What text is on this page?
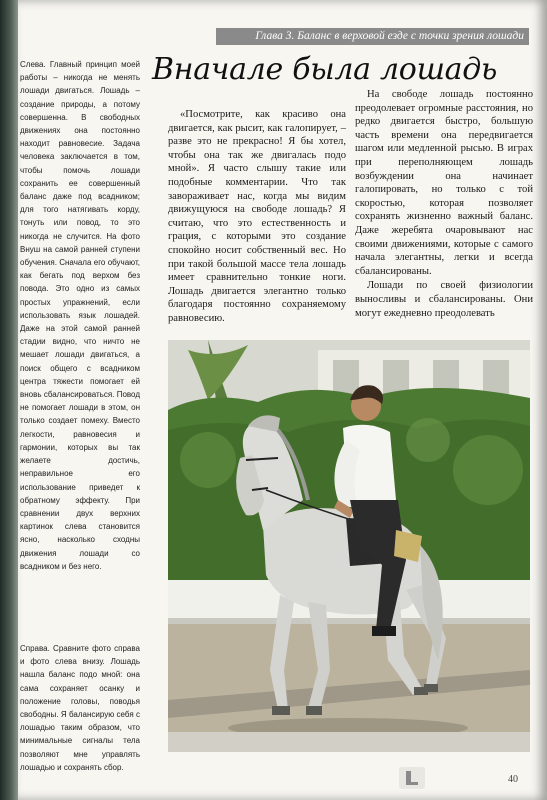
Глава 3. Баланс в верховой езде с точки зрения лошади
Вначале была лошадь
Слева. Главный принцип моей работы – никогда не менять лошади двигаться. Лошадь – создание природы, а потому совершенна. В свободных движениях она постоянно находит равновесие. Задача человека заключается в том, чтобы помочь лошади сохранить ее совершенный баланс даже под всадником; для того натягивать корду, тонуть или повод, то это никогда не случится. На фото Внуш на самой ранней ступени обучения. Сначала его обучают, как бегать под верхом без повода. Это одно из самых простых упражнений, если использовать язык лошадей. Даже на этой самой ранней стадии видно, что ничто не мешает лошади двигаться, а поиск общего с всадником центра тяжести помогает ей вновь сбалансироваться. Повод не помогает лошади в этом, он только создает помеху. Вместо легкости, равновесия и гармонии, которых вы так желаете достичь, неправильное его использование приведет к обратному эффекту. При сравнении двух верхних картинок слева становится ясно, насколько сходны движения лошади со всадником и без него.

«Посмотрите, как красиво она двигается, как рысит, как галопирует, – разве это не прекрасно! Я бы хотел, чтобы она так же двигалась подо мной». Я часто слышу такие или подобные комментарии. Что так завораживает нас, когда мы видим движущуюся на свободе лошадь? Я считаю, что это естественность и грация, с которыми это создание спокойно носит собственный вес. Но при такой большой массе тела лошадь имеет сравнительно тонкие ноги. Лошадь двигается элегантно только благодаря постоянно сохраняемому равновесию.

На свободе лошадь постоянно преодолевает огромные расстояния, но редко двигается быстро, большую часть времени она передвигается шагом или медленной рысью. В играх при переполняющем лошадь возбуждении она начинает галопировать, но только с той скоростью, которая позволяет сохранять жизненно важный баланс. Даже жеребята очаровывают нас своими движениями, которые с самого начала элегантны, легки и всегда сбалансированы.

Лошади по своей физиологии выносливы и сбалансированы. Они могут ежедневно преодолевать

Справа. Сравните фото справа и фото слева внизу. Лошадь нашла баланс подо мной: она сама сохраняет осанку и положение головы, поводья свободны. Я балансирую себя с лошадью таким образом, что минимальные сигналы тела позволяют мне управлять лошадью и сохранять сбор.
40
